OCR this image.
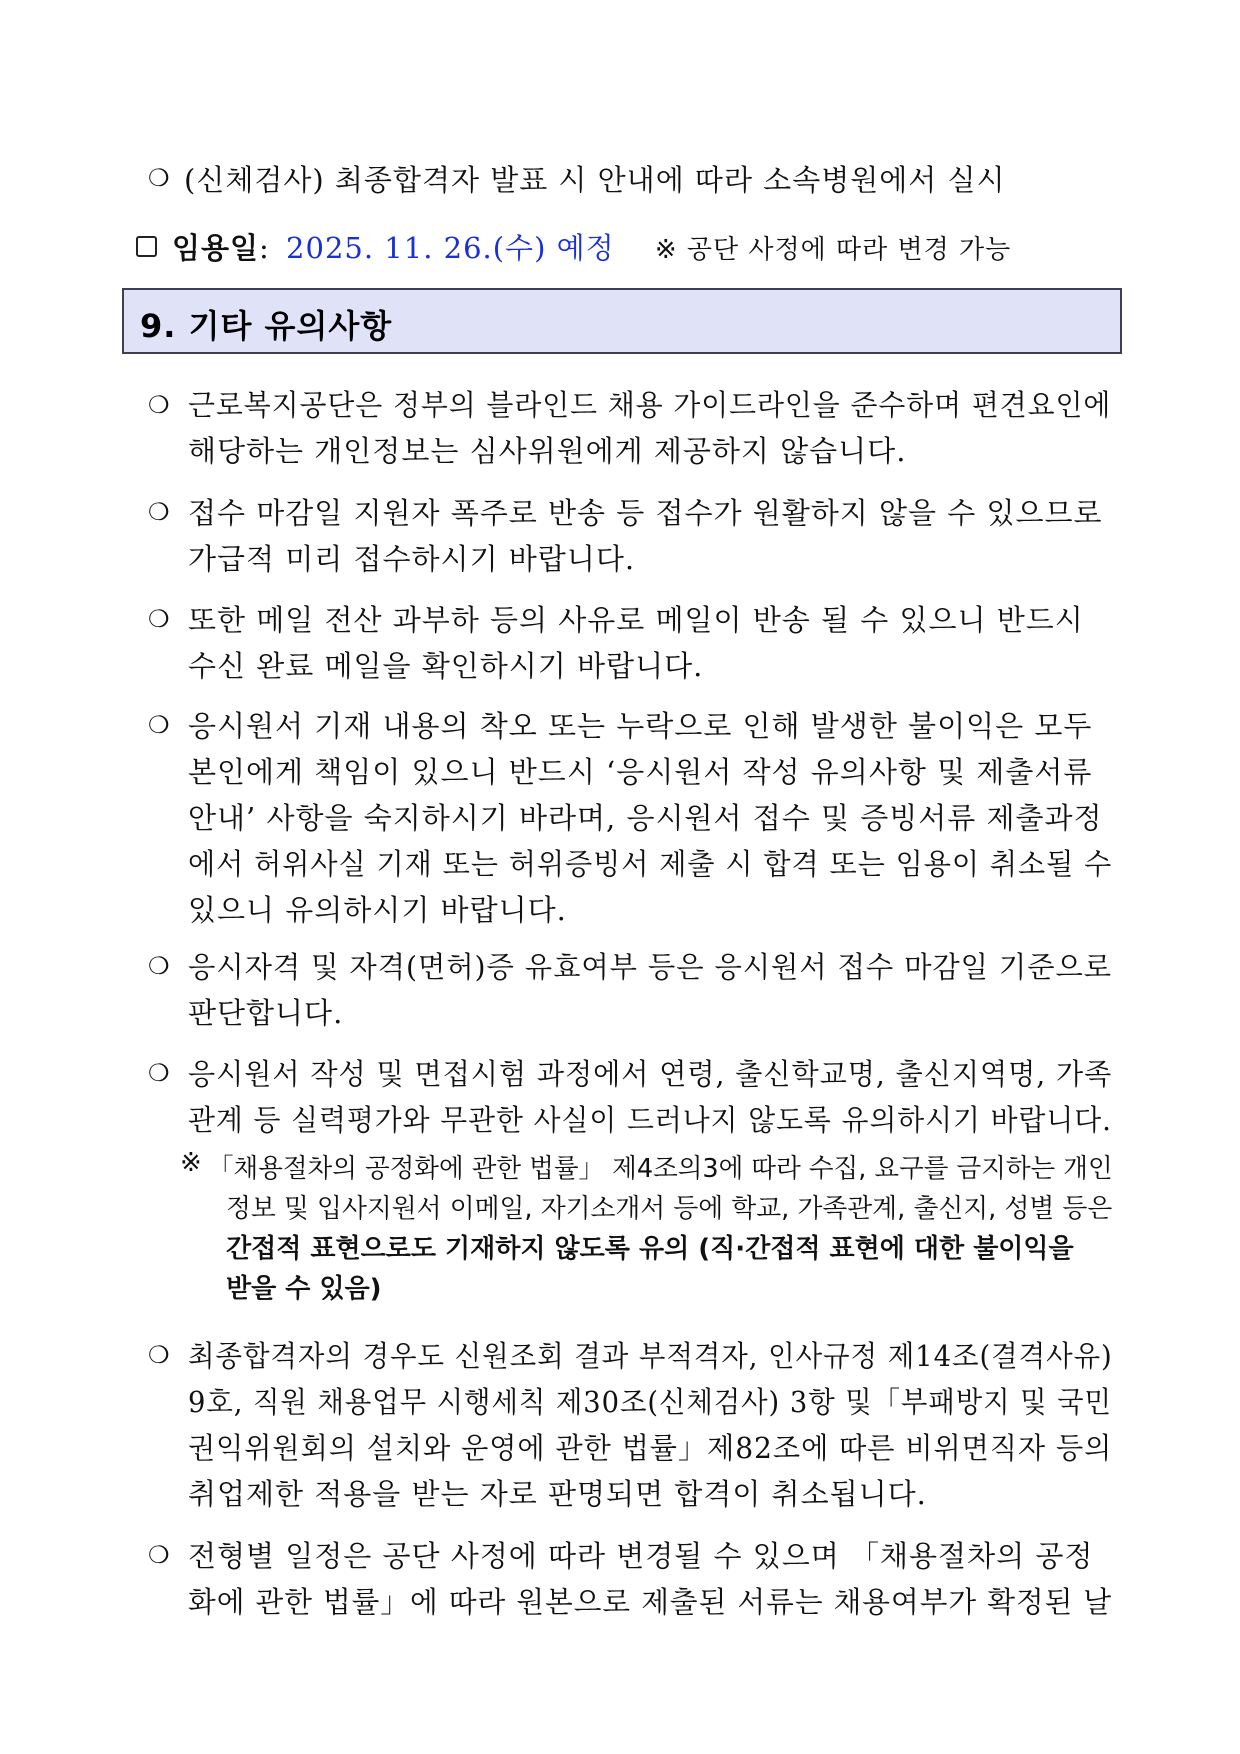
❍ (신체검사) 최종합격자 발표 시 안내에 따라 소속병원에서 실시
임용일: 2025. 11. 26.(수) 예정 ※ 공단 사정에 따라 변경 가능
9. 기타 유의사항
❍ 근로복지공단은 정부의 블라인드 채용 가이드라인을 준수하며 편견요인에
해당하는 개인정보는 심사위원에게 제공하지 않습니다.
❍ 접수 마감일 지원자 폭주로 반송 등 접수가 원활하지 않을 수 있으므로
가급적 미리 접수하시기 바랍니다.
❍ 또한 메일 전산 과부하 등의 사유로 메일이 반송 될 수 있으니 반드시
수신 완료 메일을 확인하시기 바랍니다.
❍ 응시원서 기재 내용의 착오 또는 누락으로 인해 발생한 불이익은 모두
본인에게 책임이 있으니 반드시 ‘응시원서 작성 유의사항 및 제출서류
안내’ 사항을 숙지하시기 바라며, 응시원서 접수 및 증빙서류 제출과정
에서 허위사실 기재 또는 허위증빙서 제출 시 합격 또는 임용이 취소될 수
있으니 유의하시기 바랍니다.
❍ 응시자격 및 자격(면허)증 유효여부 등은 응시원서 접수 마감일 기준으로
판단합니다.
❍ 응시원서 작성 및 면접시험 과정에서 연령, 출신학교명, 출신지역명, 가족
관계 등 실력평가와 무관한 사실이 드러나지 않도록 유의하시기 바랍니다.
※ 「채용절차의 공정화에 관한 법률」 제4조의3에 따라 수집, 요구를 금지하는 개인
정보 및 입사지원서 이메일, 자기소개서 등에 학교, 가족관계, 출신지, 성별 등은
간접적 표현으로도 기재하지 않도록 유의 (직·간접적 표현에 대한 불이익을
받을 수 있음)
❍ 최종합격자의 경우도 신원조회 결과 부적격자, 인사규정 제14조(결격사유)
9호, 직원 채용업무 시행세칙 제30조(신체검사) 3항 및「부패방지 및 국민
권익위원회의 설치와 운영에 관한 법률」제82조에 따른 비위면직자 등의
취업제한 적용을 받는 자로 판명되면 합격이 취소됩니다.
❍ 전형별 일정은 공단 사정에 따라 변경될 수 있으며 「채용절차의 공정
화에 관한 법률」에 따라 원본으로 제출된 서류는 채용여부가 확정된 날
